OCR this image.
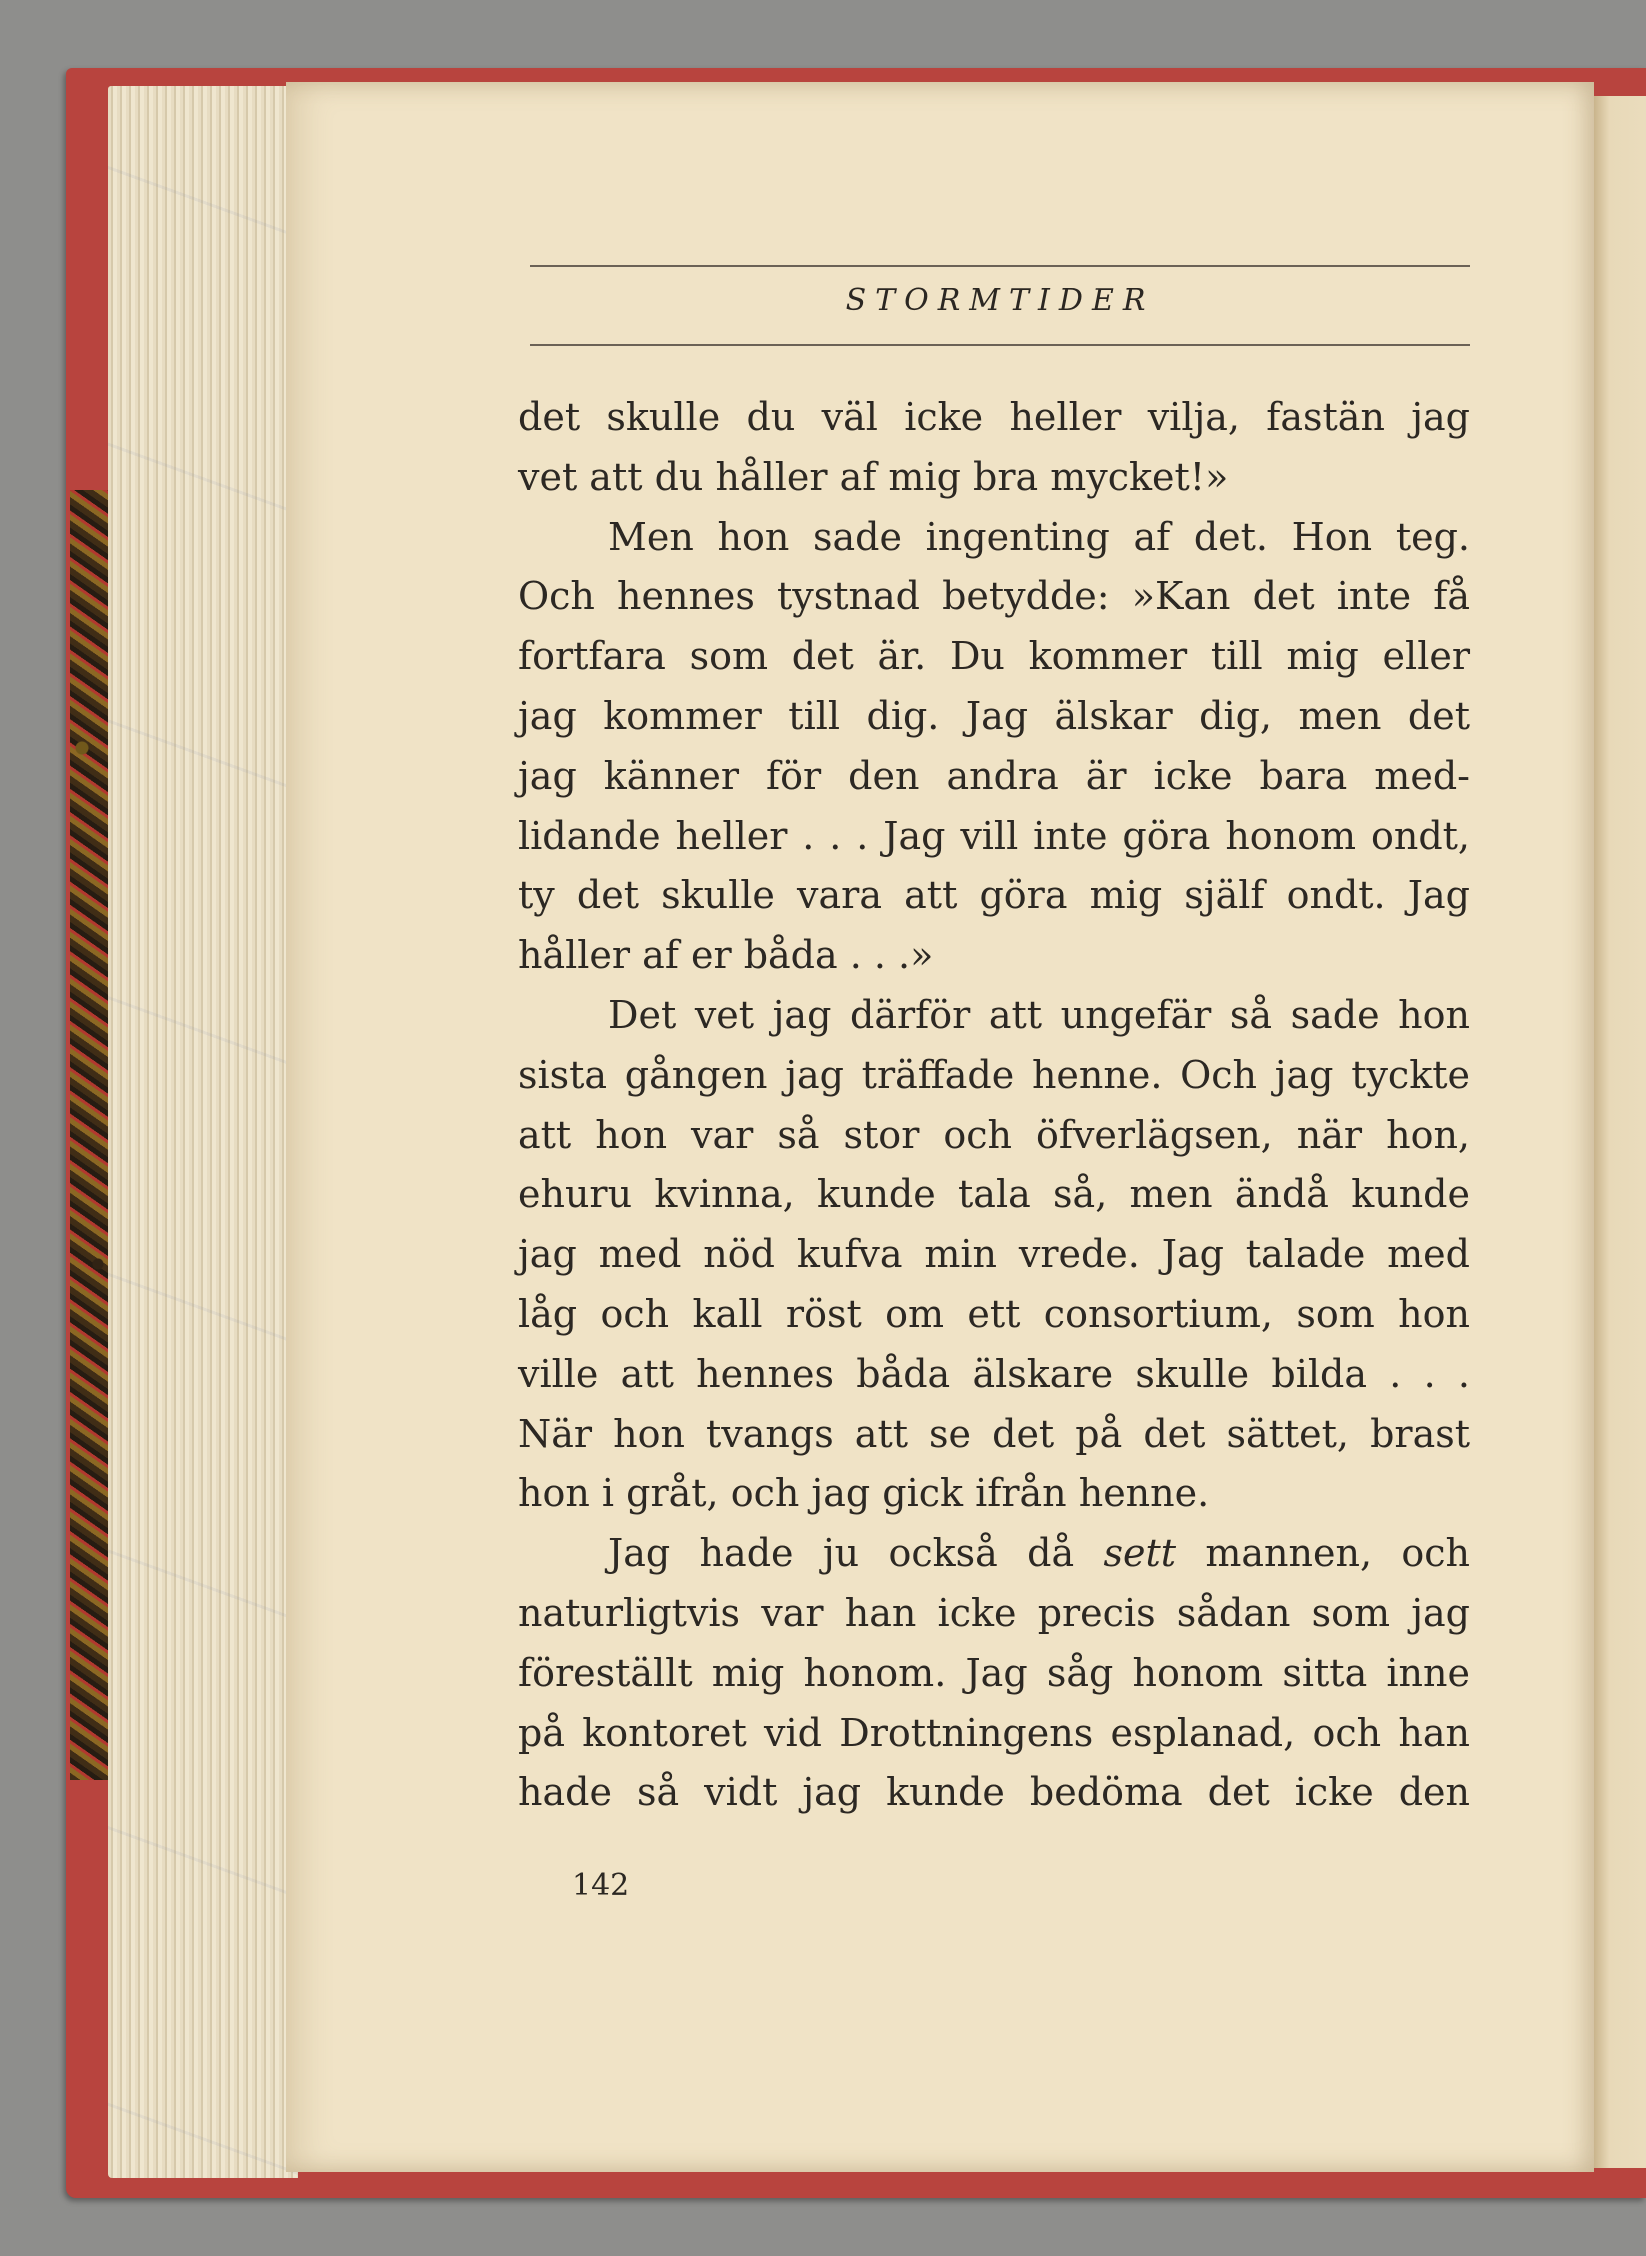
STORMTIDER
det skulle du väl icke heller vilja, fastän jag
vet att du håller af mig bra mycket!»
Men hon sade ingenting af det. Hon teg.
Och hennes tystnad betydde: »Kan det inte få
fortfara som det är. Du kommer till mig eller
jag kommer till dig. Jag älskar dig, men det
jag känner för den andra är icke bara med-
lidande heller . . . Jag vill inte göra honom ondt,
ty det skulle vara att göra mig själf ondt. Jag
håller af er båda . . .»
Det vet jag därför att ungefär så sade hon
sista gången jag träffade henne. Och jag tyckte
att hon var så stor och öfverlägsen, när hon,
ehuru kvinna, kunde tala så, men ändå kunde
jag med nöd kufva min vrede. Jag talade med
låg och kall röst om ett consortium, som hon
ville att hennes båda älskare skulle bilda . . .
När hon tvangs att se det på det sättet, brast
hon i gråt, och jag gick ifrån henne.
Jag hade ju också då sett mannen, och
naturligtvis var han icke precis sådan som jag
föreställt mig honom. Jag såg honom sitta inne
på kontoret vid Drottningens esplanad, och han
hade så vidt jag kunde bedöma det icke den
142
